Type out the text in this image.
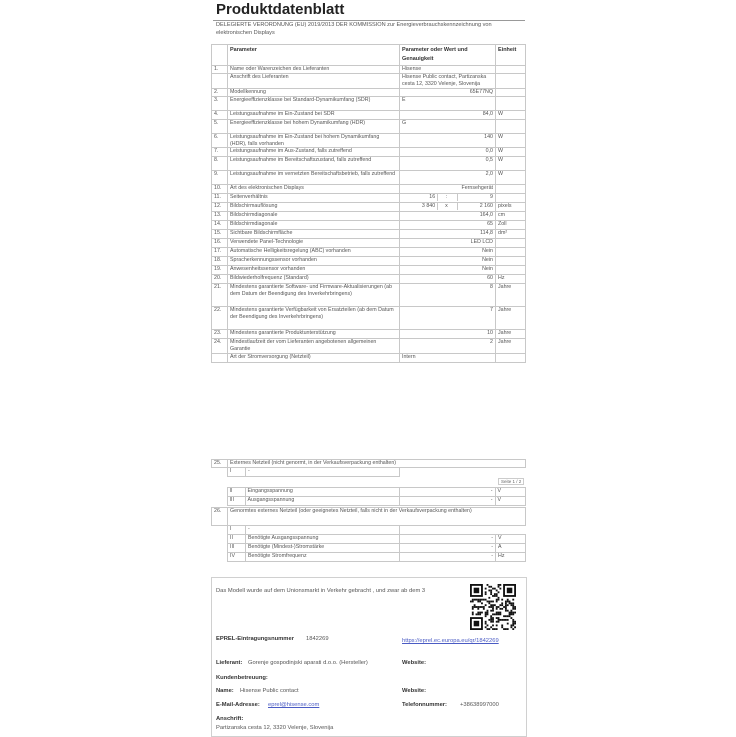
Produktdatenblatt
DELEGIERTE VERORDNUNG (EU) 2019/2013 DER KOMMISSION zur Energieverbrauchskennzeichnung von elektronischen Displays
	Parameter	Parameter oder Wert und Genauigkeit	Einheit
1.	Name oder Warenzeichen des Lieferanten	Hisense	
	Anschrift des Lieferanten	Hisense Public contact, Partizanska cesta 12, 3320 Velenje, Slovenija	
2.	Modellkennung	65E77NQ	
3.	Energieeffizienzklasse bei Standard-Dynamikumfang (SDR)	E	
4.	Leistungsaufnahme im Ein-Zustand bei SDR	84,0	W
5.	Energieeffizienzklasse bei hohem Dynamikumfang (HDR)	G	
6.	Leistungsaufnahme im Ein-Zustand bei hohem Dynamikumfang (HDR), falls vorhanden	140	W
7.	Leistungsaufnahme im Aus-Zustand, falls zutreffend	0,0	W
8.	Leistungsaufnahme im Bereitschaftszustand, falls zutreffend	0,5	W
9.	Leistungsaufnahme im vernetzten Bereitschaftsbetrieb, falls zutreffend	2,0	W
10.	Art des elektronischen Displays	Fernsehgerät	
11.	Seitenverhältnis	16 : 9	

12.	Bildschirmauflösung	3 840 x 2 160	pixels
13.	Bildschirmdiagonale	164,0	cm
14.	Bildschirmdiagonale	65	Zoll
15.	Sichtbare Bildschirmfläche	114,8	dm²
16.	Verwendete Panel-Technologie	LED LCD	
17.	Automatische Helligkeitsregelung (ABC) vorhanden	Nein	
18.	Spracherkennungssensor vorhanden	Nein	
19.	Anwesenheitssensor vorhanden	Nein	
20.	Bildwiederholfrequenz (Standard)	60	Hz
21.	Mindestens garantierte Software- und Firmware-Aktualisierungen (ab dem Datum der Beendigung des Inverkehrbringens)	8	Jahre
22.	Mindestens garantierte Verfügbarkeit von Ersatzteilen (ab dem Datum der Beendigung des Inverkehrbringens)	7	Jahre
23.	Mindestens garantierte Produktunterstützung	10	Jahre
24.	Mindestlaufzeit der vom Lieferanten angebotenen allgemeinen Garantie	2	Jahre
	Art der Stromversorgung (Netzteil)	Intern	
25.	Externes Netzteil (nicht genormt, in der Verkaufsverpackung enthalten)			
	I	-		
Seite 1 / 2
	II	Eingangsspannung	-	V
	III	Ausgangsspannung	-	V
26.	Genormtes externes Netzteil (oder geeignetes Netzteil, falls nicht in der Verkaufsverpackung enthalten)			
	I	-		
	II	Benötigte Ausgangsspannung	-	V
	III	Benötigte (Mindest-)Stromstärke	-	A
	IV	Benötigte Stromfrequenz	-	Hz
Das Modell wurde auf dem Unionsmarkt in Verkehr gebracht , und zwar ab dem 3
EPREL-Eintragungsnummer 1842269	https://eprel.ec.europa.eu/qr/1842269
Lieferant: Gorenje gospodinjski aparati d.o.o. (Hersteller)	Website:
Kundenbetreuung:
Name: Hisense Public contact	Website:
E-Mail-Adresse: eprel@hisense.com	Telefonnummer: +38638997000
Anschrift:
Partizanska cesta 12, 3320 Velenje, Slovenija
